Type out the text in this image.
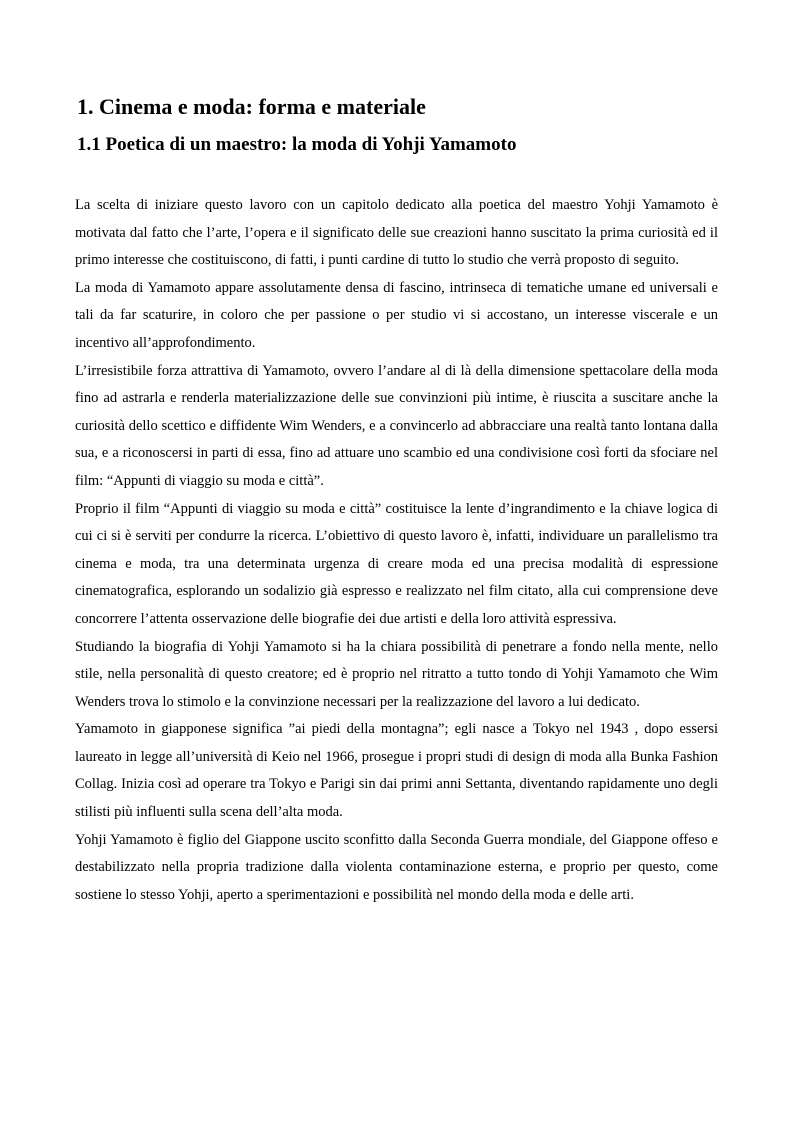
1. Cinema e moda: forma e materiale
1.1 Poetica di un maestro: la moda di Yohji Yamamoto

La scelta di iniziare questo lavoro con un capitolo dedicato alla poetica del maestro Yohji Yamamoto è motivata dal fatto che l’arte, l’opera e il significato delle sue creazioni hanno suscitato la prima curiosità ed il primo interesse che costituiscono, di fatti, i punti cardine di tutto lo studio che verrà proposto di seguito.

La moda di Yamamoto appare assolutamente densa di fascino, intrinseca di tematiche umane ed universali e tali da far scaturire, in coloro che per passione o per studio vi si accostano, un interesse viscerale e un incentivo all’approfondimento.

L’irresistibile forza attrattiva di Yamamoto, ovvero l’andare al di là della dimensione spettacolare della moda fino ad astrarla e renderla materializzazione delle sue convinzioni più intime, è riuscita a suscitare anche la curiosità dello scettico e diffidente Wim Wenders, e a convincerlo ad abbracciare una realtà tanto lontana dalla sua, e a riconoscersi in parti di essa, fino ad attuare uno scambio ed una condivisione così forti da sfociare nel film: “Appunti di viaggio su moda e città”.

Proprio il film “Appunti di viaggio su moda e città” costituisce la lente d’ingrandimento e la chiave logica di cui ci si è serviti per condurre la ricerca. L’obiettivo di questo lavoro è, infatti, individuare un parallelismo tra cinema e moda, tra una determinata urgenza di creare moda ed una precisa modalità di espressione cinematografica, esplorando un sodalizio già espresso e realizzato nel film citato, alla cui comprensione deve concorrere l’attenta osservazione delle biografie dei due artisti e della loro attività espressiva.

Studiando la biografia di Yohji Yamamoto si ha la chiara possibilità di penetrare a fondo nella mente, nello stile, nella personalità di questo creatore; ed è proprio nel ritratto a tutto tondo di Yohji Yamamoto che Wim Wenders trova lo stimolo e la convinzione necessari per la realizzazione del lavoro a lui dedicato.

Yamamoto in giapponese significa ”ai piedi della montagna”; egli nasce a Tokyo nel 1943 , dopo essersi laureato in legge all’università di Keio nel 1966, prosegue i propri studi di design di moda alla Bunka Fashion Collag. Inizia così ad operare tra Tokyo e Parigi sin dai primi anni Settanta, diventando rapidamente uno degli stilisti più influenti sulla scena dell’alta moda.

Yohji Yamamoto è figlio del Giappone uscito sconfitto dalla Seconda Guerra mondiale, del Giappone offeso e destabilizzato nella propria tradizione dalla violenta contaminazione esterna, e proprio per questo, come sostiene lo stesso Yohji, aperto a sperimentazioni e possibilità nel mondo della moda e delle arti.
